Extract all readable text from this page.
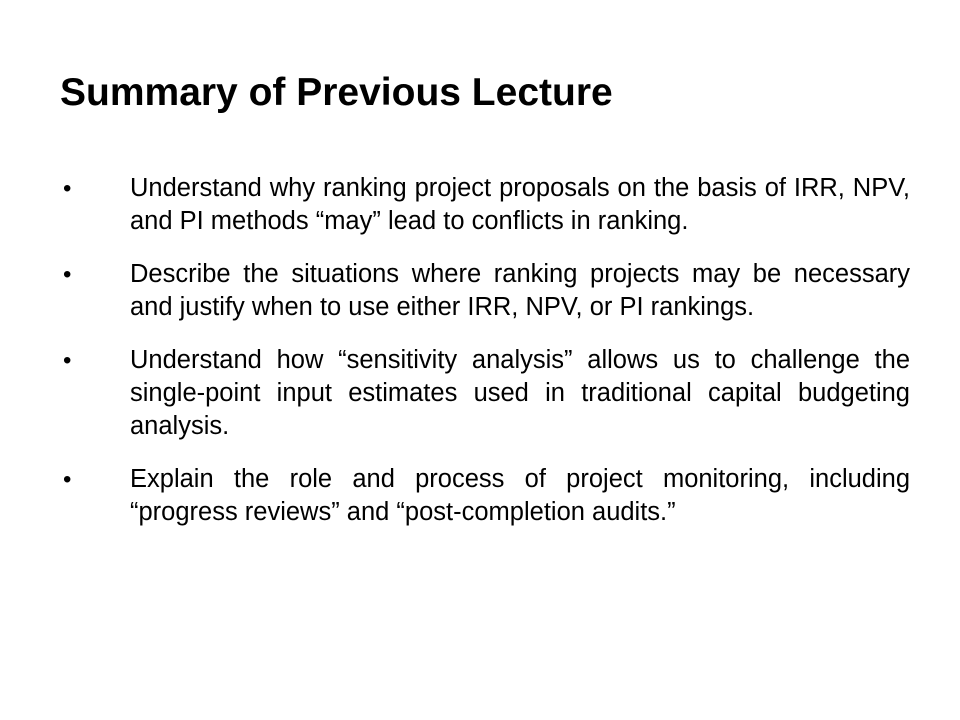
Summary of Previous Lecture
•	Understand why ranking project proposals on the basis of IRR, NPV, and PI methods “may” lead to conflicts in ranking.
•	Describe the situations where ranking projects may be necessary and justify when to use either IRR, NPV, or PI rankings.
•	Understand how “sensitivity analysis” allows us to challenge the single-point input estimates used in traditional capital budgeting analysis.
•	Explain the role and process of project monitoring, including “progress reviews” and “post-completion audits.”
